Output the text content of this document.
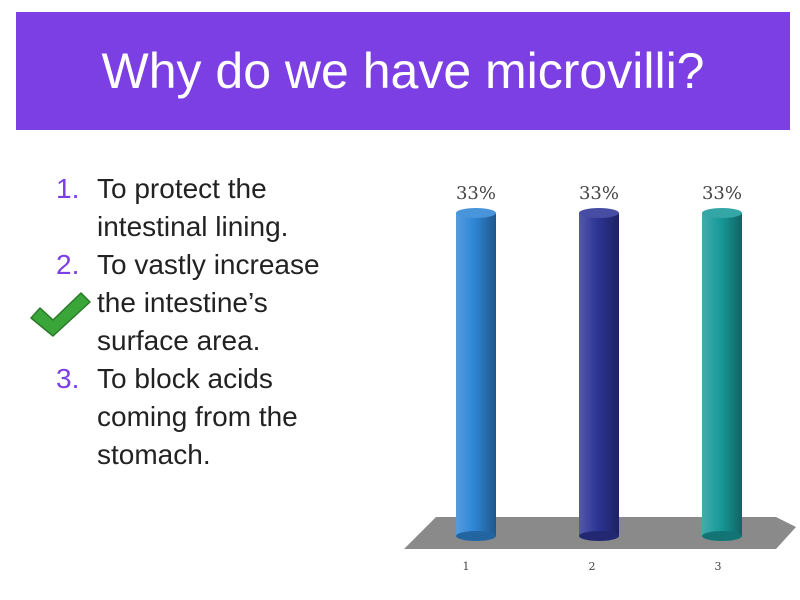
Why do we have microvilli?
1. To protect the
intestinal lining.
2. To vastly increase
the intestine’s
surface area.
3. To block acids
coming from the
stomach.
33%
1
33%
2
33%
3
